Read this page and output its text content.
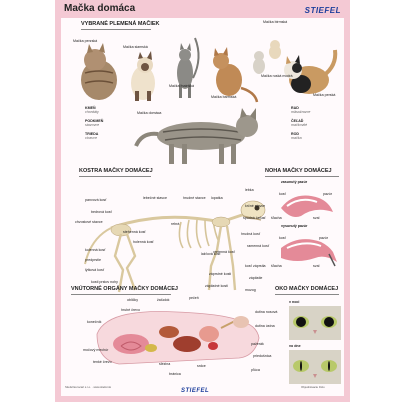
Mačka domáca	STIEFEL
VYBRANÉ PLEMENÁ MAČIEK
Mačka perzská
Mačka siamská
Mačka mainská
Mačka barmská
Mačka ruská modrá
Mačka birmská
Mačka perská
KMEŇ
chordáty
PODKMEŇ
stavovce
TRIEDA
cicavce
RAD
mäsožravce
ČEĽAĎ
mačkovité
ROD
mačka
Mačka domáca
KOSTRA MAČKY DOMÁCEJ
panvová kosť	lebečné stavce	hrudné stavce lopatka
bedrová kosť
chvostové stavce
kolenná kosť
holenná kosť
predprstie
lýtková kosť
kosti prstov nohy
stehenná kosť
rebrá
hrudná kosť
vretenná kosť
lakťová kosť
záprstné kosti
zápästné kosti
ramenná kosť
kosť záprstia
spodná čeľusť
lebka
krčné stavce
zápästie
NOHA MAČKY DOMÁCEJ
zasunutý pazúr
vysunutý pazúr
kosť	pazúr
šľacha	sval
kosť	pazúr
šľacha	sval
VNÚTORNÉ ORGÁNY MAČKY DOMÁCEJ
obličky	žalúdok	pečeň
mozog
konečník
hrubé črevo
močový mechúr
tenké črevo
dutina nosová
dutina ústna
pažerák
priedušnica
pľúca
srdce
slezina
bránica
OKO MAČKY DOMÁCEJ
v noci
vo dne
Stiefel Eurocart s.r.o. · www.stiefel.sk
STIEFEL
Objednávacie číslo
